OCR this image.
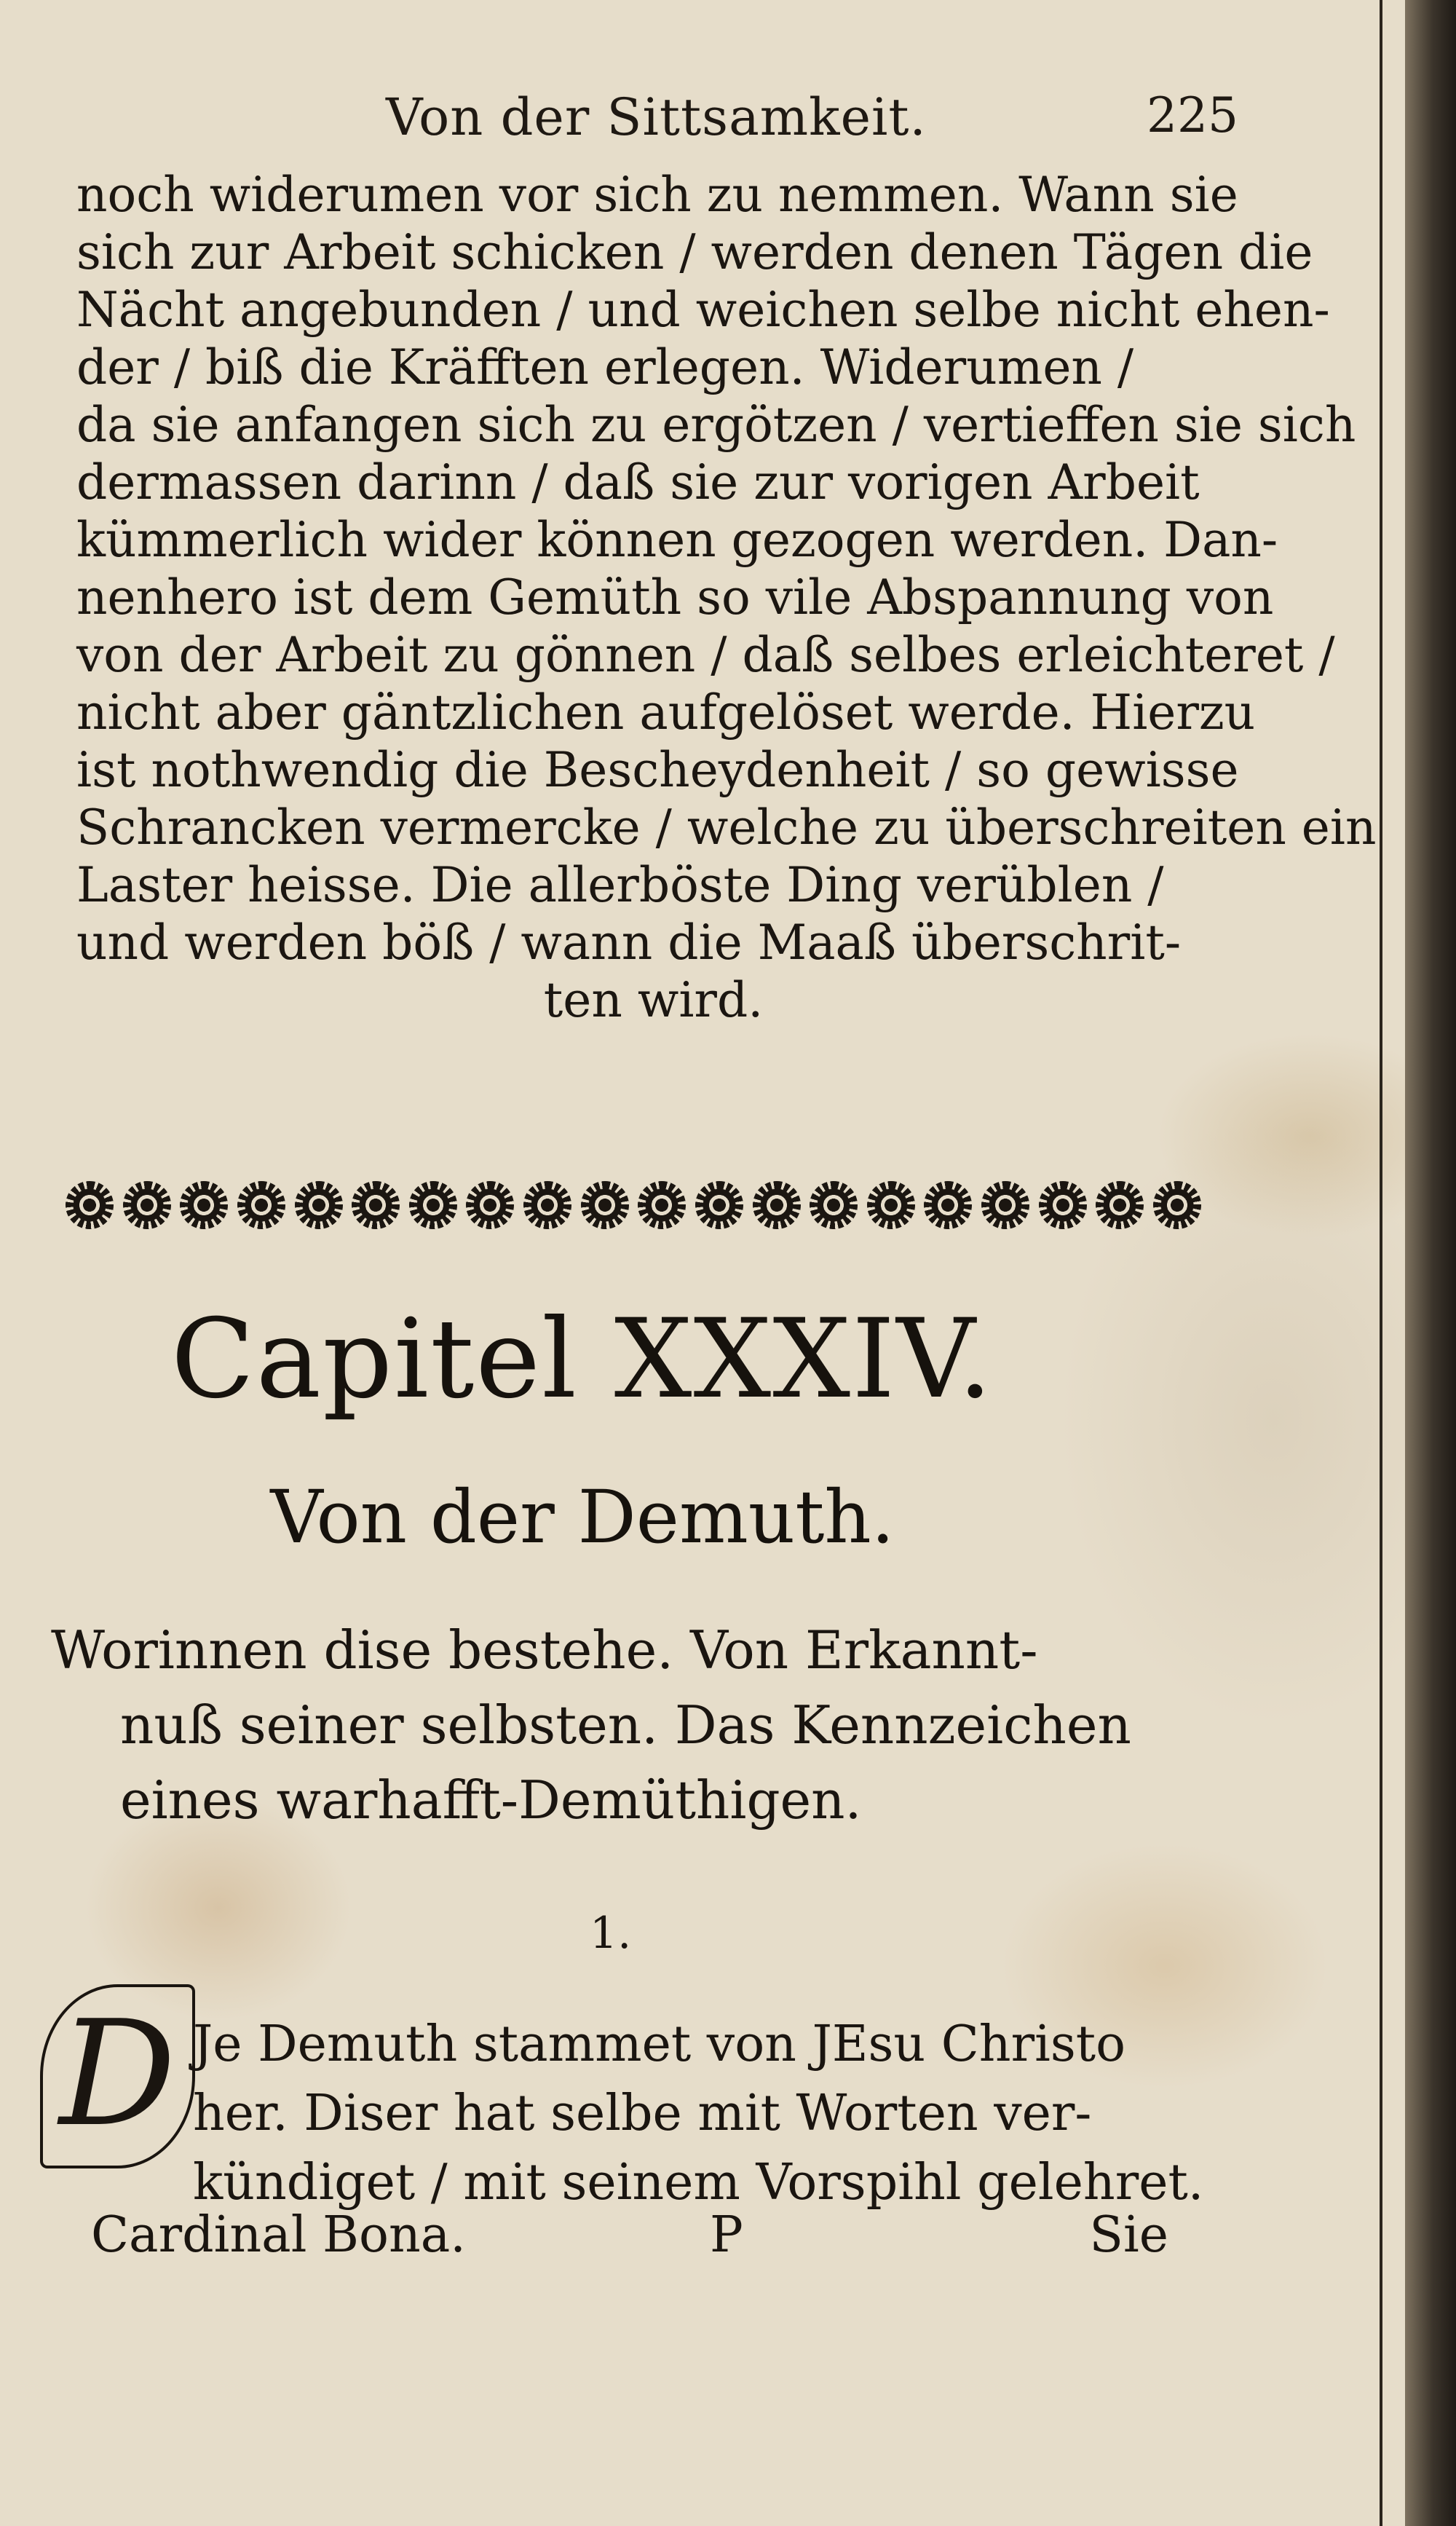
Von der Sittsamkeit.	225
noch widerumen vor sich zu nemmen. Wann sie
sich zur Arbeit schicken / werden denen Tägen die
Nächt angebunden / und weichen selbe nicht ehen-
der / biß die Kräfften erlegen. Widerumen /
da sie anfangen sich zu ergötzen / vertieffen sie sich
dermassen darinn / daß sie zur vorigen Arbeit
kümmerlich wider können gezogen werden. Dan-
nenhero ist dem Gemüth so vile Abspannung von
von der Arbeit zu gönnen / daß selbes erleichteret /
nicht aber gäntzlichen aufgelöset werde. Hierzu
ist nothwendig die Bescheydenheit / so gewisse
Schrancken vermercke / welche zu überschreiten ein
Laster heisse. Die allerböste Ding verüblen /
und werden böß / wann die Maaß überschrit-
ten wird.
Capitel XXXIV.
Von der Demuth.
Worinnen dise bestehe. Von Erkannt-
nuß seiner selbsten. Das Kennzeichen
eines warhafft-Demüthigen.
1.
D Je Demuth stammet von JEsu Christo
her. Diser hat selbe mit Worten ver-
kündiget / mit seinem Vorspihl gelehret.
Cardinal Bona.	P	Sie
